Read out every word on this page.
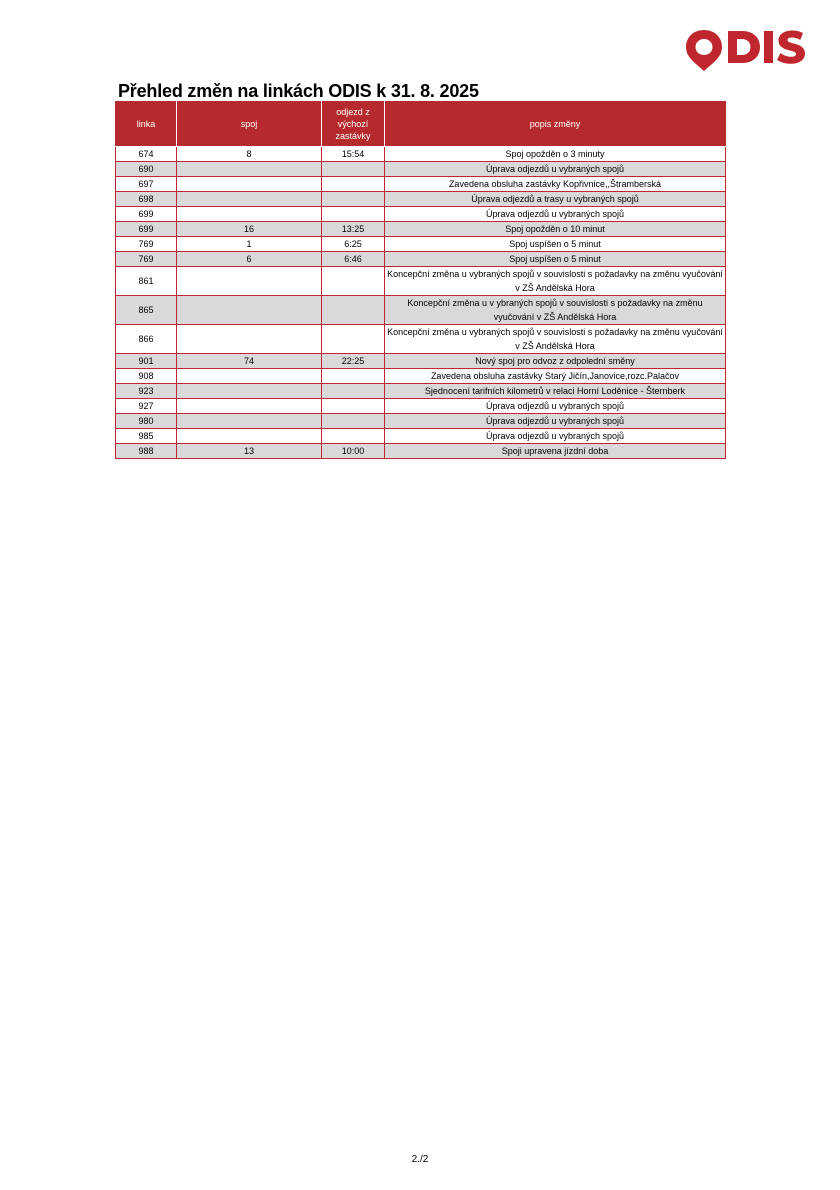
Přehled změn na linkách ODIS k 31. 8. 2025
linka	spoj	odjezd z výchozí zastávky	popis změny
674	8	15:54	Spoj opožděn o 3 minuty
690			Úprava odjezdů u vybraných spojů
697			Zavedena obsluha zastávky Kopřivnice,,Štramberská
698			Úprava odjezdů a trasy u vybraných spojů
699			Úprava odjezdů u vybraných spojů
699	16	13:25	Spoj opožděn o 10 minut
769	1	6:25	Spoj uspíšen o 5 minut
769	6	6:46	Spoj uspíšen o 5 minut
861			Koncepční změna u vybraných spojů v souvislosti s požadavky na změnu vyučování v ZŠ Andělská Hora
865			Koncepční změna u v ybraných spojů v souvislosti s požadavky na změnu vyučování v ZŠ Andělská Hora
866			Koncepční změna u vybraných spojů v souvislosti s požadavky na změnu vyučování v ZŠ Andělská Hora
901	74	22:25	Nový spoj pro odvoz z odpolední směny
908			Zavedena obsluha zastávky Starý Jičín,Janovice,rozc.Palačov
923			Sjednocení tarifních kilometrů v relaci Horní Loděnice - Šternberk
927			Úprava odjezdů u vybraných spojů
980			Úprava odjezdů u vybraných spojů
985			Úprava odjezdů u vybraných spojů
988	13	10:00	Spoji upravena jízdní doba
2./2
